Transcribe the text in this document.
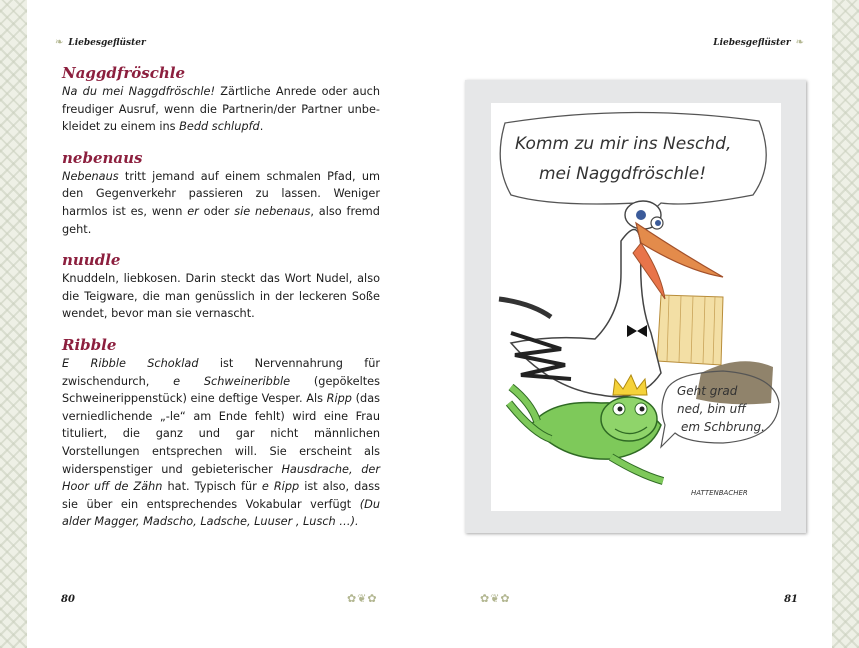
❧ Liebesgeflüster

Naggdfröschle

Na du mei Naggdfröschle! Zärtliche Anrede oder auch freudiger Ausruf, wenn die Partnerin/der Partner unbekleidet zu einem ins Bedd schlupfd.

nebenaus

Nebenaus tritt jemand auf einem schmalen Pfad, um den Gegenverkehr passieren zu lassen. Weniger harmlos ist es, wenn er oder sie nebenaus, also fremd geht.

nuudle

Knuddeln, liebkosen. Darin steckt das Wort Nudel, also die Teigware, die man genüsslich in der leckeren Soße wendet, bevor man sie vernascht.

Ribble

E Ribble Schoklad ist Nervennahrung für zwischendurch, e Schweineribble (gepökeltes Schweinerippenstück) eine deftige Vesper. Als Ripp (das verniedlichende „-le“ am Ende fehlt) wird eine Frau tituliert, die ganz und gar nicht männlichen Vorstellungen entsprechen will. Sie erscheint als widerspenstiger und gebieterischer Hausdrache, der Hoor uff de Zähn hat. Typisch für e Ripp ist also, dass sie über ein entsprechendes Vokabular verfügt (Du alder Magger, Madscho, Ladsche, Luuser , Lusch …).

80	✿❦✿
Liebesgeflüster ❧
✿❦✿	81
Komm zu mir ins Neschd,
mei Naggdfröschle!
Geht grad
ned, bin uff
em Schbrung.
HATTENBACHER
